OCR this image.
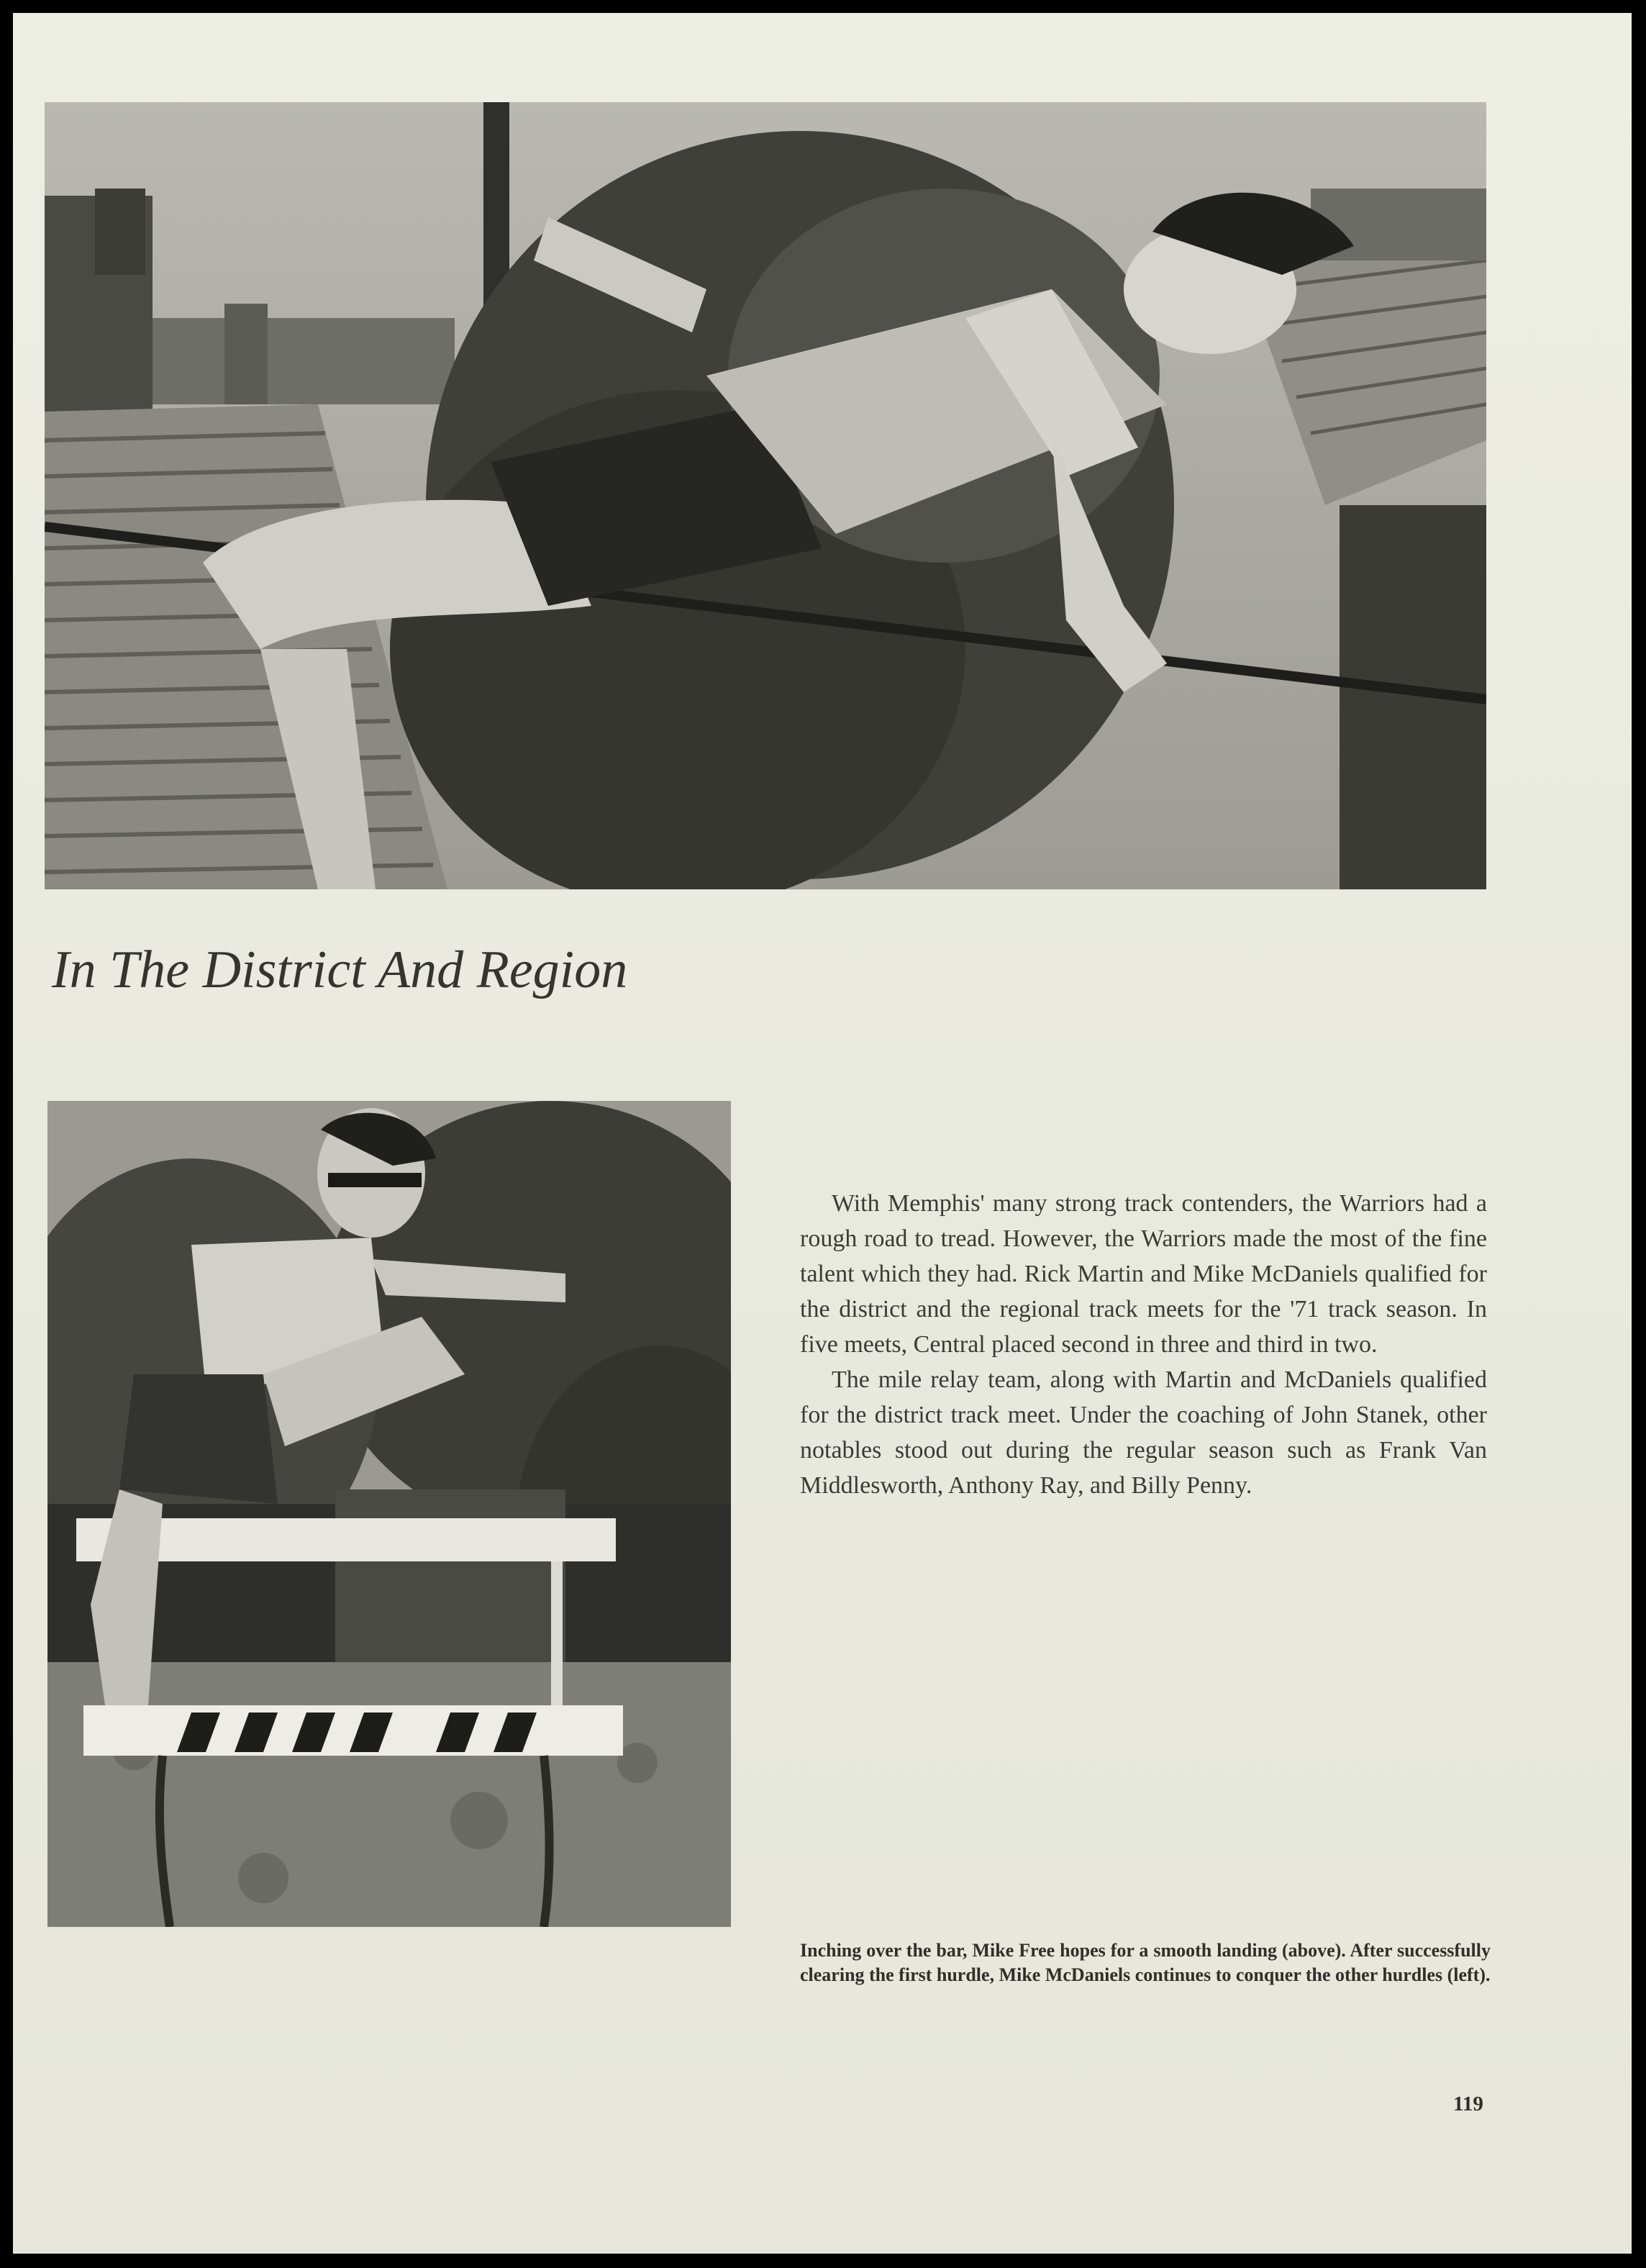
In The District And Region

With Memphis' many strong track contenders, the Warriors had a rough road to tread. However, the Warriors made the most of the fine talent which they had. Rick Martin and Mike McDaniels qualified for the district and the regional track meets for the '71 track season. In five meets, Central placed second in three and third in two.

The mile relay team, along with Martin and McDaniels qualified for the district track meet. Under the coaching of John Stanek, other notables stood out during the regular season such as Frank Van Middlesworth, Anthony Ray, and Billy Penny.

Inching over the bar, Mike Free hopes for a smooth landing (above). After successfully clearing the first hurdle, Mike McDaniels continues to conquer the other hurdles (left).
119
